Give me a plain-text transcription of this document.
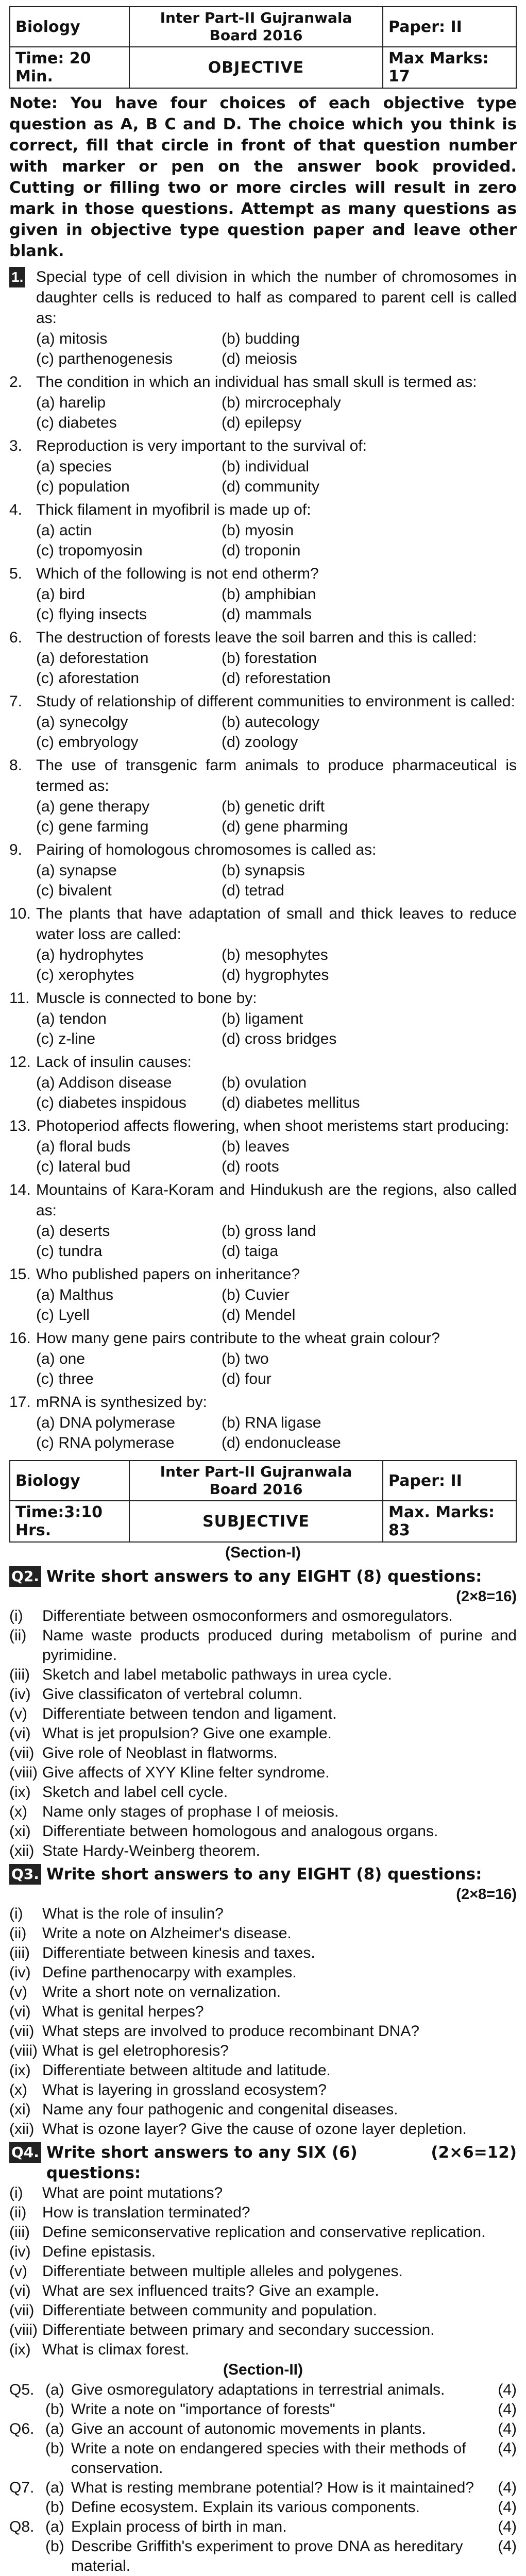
Biology	Inter Part-II Gujranwala
Board 2016	Paper: II

Time: 20 Min.	OBJECTIVE	Max Marks: 17
Note: You have four choices of each objective type question as A, B C and D. The choice which you think is correct, fill that circle in front of that question number with marker or pen on the answer book provided. Cutting or filling two or more circles will result in zero mark in those questions. Attempt as many questions as given in objective type question paper and leave other blank.
1. Special type of cell division in which the number of chromosomes in daughter cells is reduced to half as compared to parent cell is called as:
(a) mitosis	(b) budding
(c) parthenogenesis	(d) meiosis
2. The condition in which an individual has small skull is termed as:
(a) harelip	(b) mircrocephaly
(c) diabetes	(d) epilepsy
3. Reproduction is very important to the survival of:
(a) species	(b) individual
(c) population	(d) community
4. Thick filament in myofibril is made up of:
(a) actin	(b) myosin
(c) tropomyosin	(d) troponin
5. Which of the following is not end otherm?
(a) bird	(b) amphibian
(c) flying insects	(d) mammals
6. The destruction of forests leave the soil barren and this is called:
(a) deforestation	(b) forestation
(c) aforestation	(d) reforestation
7. Study of relationship of different communities to environment is called:
(a) synecolgy	(b) autecology
(c) embryology	(d) zoology
8. The use of transgenic farm animals to produce pharmaceutical is termed as:
(a) gene therapy	(b) genetic drift
(c) gene farming	(d) gene pharming
9. Pairing of homologous chromosomes is called as:
(a) synapse	(b) synapsis
(c) bivalent	(d) tetrad
10. The plants that have adaptation of small and thick leaves to reduce water loss are called:
(a) hydrophytes	(b) mesophytes
(c) xerophytes	(d) hygrophytes
11. Muscle is connected to bone by:
(a) tendon	(b) ligament
(c) z-line	(d) cross bridges
12. Lack of insulin causes:
(a) Addison disease	(b) ovulation
(c) diabetes inspidous	(d) diabetes mellitus
13. Photoperiod affects flowering, when shoot meristems start producing:
(a) floral buds	(b) leaves
(c) lateral bud	(d) roots
14. Mountains of Kara-Koram and Hindukush are the regions, also called as:
(a) deserts	(b) gross land
(c) tundra	(d) taiga
15. Who published papers on inheritance?
(a) Malthus	(b) Cuvier
(c) Lyell	(d) Mendel
16. How many gene pairs contribute to the wheat grain colour?
(a) one	(b) two
(c) three	(d) four
17. mRNA is synthesized by:
(a) DNA polymerase	(b) RNA ligase
(c) RNA polymerase	(d) endonuclease
Biology	Inter Part-II Gujranwala
Board 2016	Paper: II

Time:3:10 Hrs.	SUBJECTIVE	Max. Marks: 83
(Section-I)
Q2. Write short answers to any EIGHT (8) questions:
(2×8=16)
(i)	Differentiate between osmoconformers and osmoregulators.
(ii)	Name waste products produced during metabolism of purine and pyrimidine.
(iii) Sketch and label metabolic pathways in urea cycle.
(iv) Give classificaton of vertebral column.
(v) Differentiate between tendon and ligament.
(vi) What is jet propulsion? Give one example.
(vii) Give role of Neoblast in flatworms.
(viii) Give affects of XYY Kline felter syndrome.
(ix) Sketch and label cell cycle.
(x) Name only stages of prophase I of meiosis.
(xi) Differentiate between homologous and analogous organs.
(xii) State Hardy-Weinberg theorem.
Q3. Write short answers to any EIGHT (8) questions:
(2×8=16)
(i)	What is the role of insulin?
(ii)	Write a note on Alzheimer's disease.
(iii) Differentiate between kinesis and taxes.
(iv) Define parthenocarpy with examples.
(v) Write a short note on vernalization.
(vi) What is genital herpes?
(vii) What steps are involved to produce recombinant DNA?
(viii) What is gel eletrophoresis?
(ix) Differentiate between altitude and latitude.
(x) What is layering in grossland ecosystem?
(xi) Name any four pathogenic and congenital diseases.
(xii) What is ozone layer? Give the cause of ozone layer depletion.
Q4. Write short answers to any SIX (6) questions:
(2×6=12)
(i)	What are point mutations?
(ii)	How is translation terminated?
(iii) Define semiconservative replication and conservative replication.
(iv) Define epistasis.
(v) Differentiate between multiple alleles and polygenes.
(vi) What are sex influenced traits? Give an example.
(vii) Differentiate between community and population.
(viii) Differentiate between primary and secondary succession.
(ix) What is climax forest.
(Section-II)
Q5. (a) Give osmoregulatory adaptations in terrestrial animals.	(4)
(b) Write a note on "importance of forests"	(4)
Q6. (a) Give an account of autonomic movements in plants.	(4)
(b) Write a note on endangered species with their methods of conservation.
(4)
Q7. (a) What is resting membrane potential? How is it maintained?	(4)
(b) Define ecosystem. Explain its various components.	(4)
Q8. (a) Explain process of birth in man.	(4)
(b) Describe Griffith's experiment to prove DNA as hereditary material.
(4)
